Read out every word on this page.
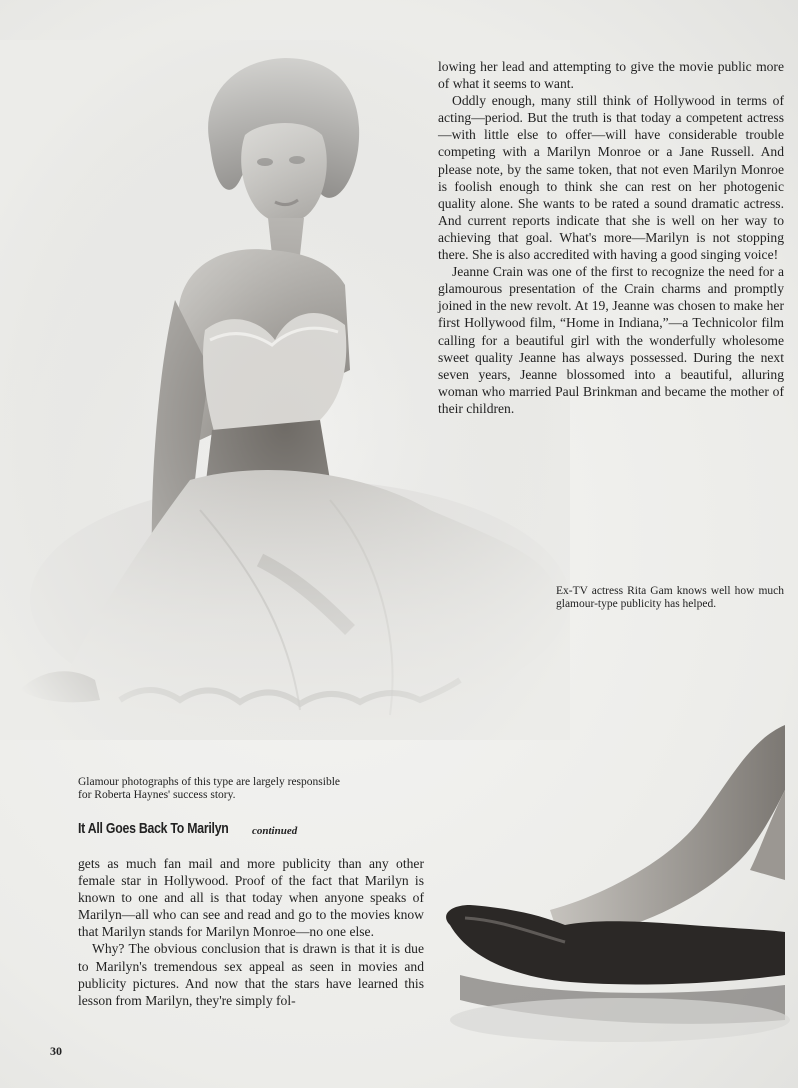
lowing her lead and attempting to give the movie public more of what it seems to want.

Oddly enough, many still think of Hollywood in terms of acting—period. But the truth is that today a competent actress—with little else to offer—will have considerable trouble competing with a Marilyn Monroe or a Jane Russell. And please note, by the same token, that not even Marilyn Monroe is foolish enough to think she can rest on her photogenic quality alone. She wants to be rated a sound dramatic actress. And current reports indicate that she is well on her way to achieving that goal. What's more—Marilyn is not stopping there. She is also accredited with having a good singing voice!

Jeanne Crain was one of the first to recognize the need for a glamourous presentation of the Crain charms and promptly joined in the new revolt. At 19, Jeanne was chosen to make her first Hollywood film, “Home in Indiana,”—a Technicolor film calling for a beautiful girl with the wonderfully wholesome sweet quality Jeanne has always possessed. During the next seven years, Jeanne blossomed into a beautiful, alluring woman who married Paul Brinkman and became the mother of their children.

Ex-TV actress Rita Gam knows well how much glamour-type publicity has helped.
Glamour photographs of this type are largely responsible for Roberta Haynes' success story.
It All Goes Back To Marilyn continued

gets as much fan mail and more publicity than any other female star in Hollywood. Proof of the fact that Marilyn is known to one and all is that today when anyone speaks of Marilyn—all who can see and read and go to the movies know that Marilyn stands for Marilyn Monroe—no one else.

Why? The obvious conclusion that is drawn is that it is due to Marilyn's tremendous sex appeal as seen in movies and publicity pictures. And now that the stars have learned this lesson from Marilyn, they're simply fol-

30
